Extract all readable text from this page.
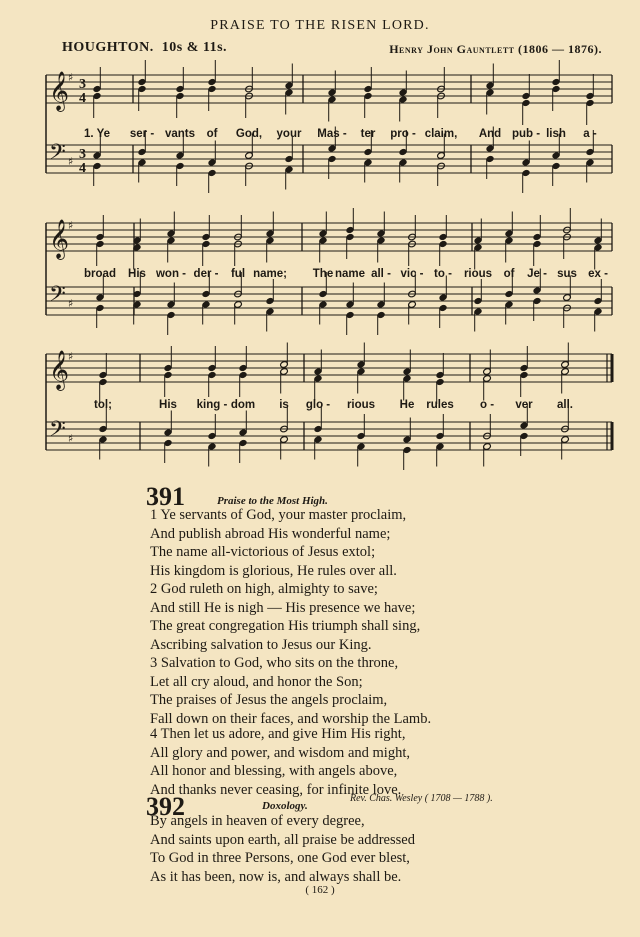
𝄞
♯ 3
4
𝄢 ♯ 3
4
𝄞
♯
𝄢 ♯
𝄞
♯
𝄢 ♯
PRAISE TO THE RISEN LORD.
HOUGHTON. 10s & 11s.	Henry John Gauntlett (1806 — 1876).
1. Ye ser - vants of God, your Mas - ter pro - claim, And pub - lish a -
broad His won - der - ful name; The name all - vic - to - rious of Je - sus ex -
tol;	His king - dom is glo - rious He rules o - ver all.
391	Praise to the Most High.
1 Ye servants of God, your master proclaim,
And publish abroad His wonderful name;
The name all-victorious of Jesus extol;
His kingdom is glorious, He rules over all.
2 God ruleth on high, almighty to save;
And still He is nigh — His presence we have;
The great congregation His triumph shall sing,
Ascribing salvation to Jesus our King.
3 Salvation to God, who sits on the throne,
Let all cry aloud, and honor the Son;
The praises of Jesus the angels proclaim,
Fall down on their faces, and worship the Lamb.
4 Then let us adore, and give Him His right,
All glory and power, and wisdom and might,
All honor and blessing, with angels above,
And thanks never ceasing, for infinite love.
Rev. Chas. Wesley ( 1708 — 1788 ).
392	Doxology.
By angels in heaven of every degree,
And saints upon earth, all praise be addressed
To God in three Persons, one God ever blest,
As it has been, now is, and always shall be.
( 162 )
